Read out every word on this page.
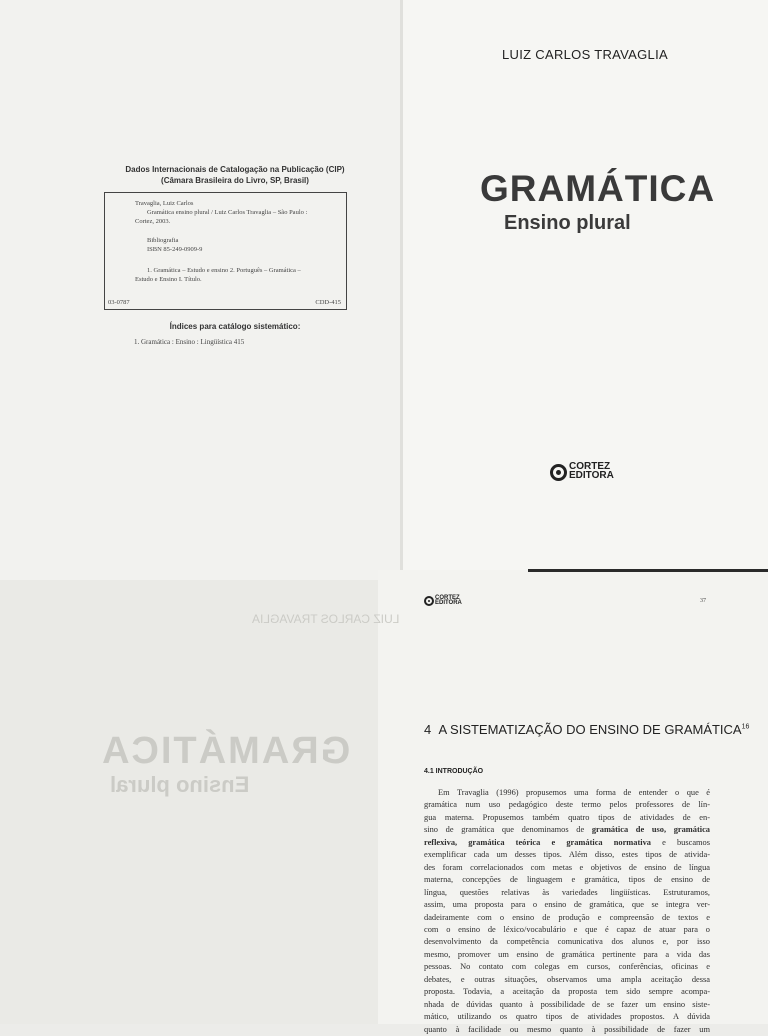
Dados Internacionais de Catalogação na Publicação (CIP)
(Câmara Brasileira do Livro, SP, Brasil)
Travaglia, Luiz Carlos
Gramática ensino plural / Luiz Carlos Travaglia – São Paulo :
Cortez, 2003.
Bibliografia
ISBN 85-249-0909-9
1. Gramática – Estudo e ensino 2. Português – Gramática –
Estudo e Ensino I. Título.
03-0787	CDD-415
Índices para catálogo sistemático:
1. Gramática : Ensino : Lingüística 415
LUIZ CARLOS TRAVAGLIA
GRAMÁTICA
Ensino plural
CORTEZ
EDITORA
LUIZ CARLOS TRAVAGLIA
GRAMÁTICA
Ensino plural
CORTEZ
EDITORA	37
4 A SISTEMATIZAÇÃO DO ENSINO DE GRAMÁTICA$^{16}$
4.1 INTRODUÇÃO
Em Travaglia (1996) propusemos uma forma de entender o que é
gramática num uso pedagógico deste termo pelos professores de lín-
gua materna. Propusemos também quatro tipos de atividades de en-
sino de gramática que denominamos de gramática de uso, gramática
reflexiva, gramática teórica e gramática normativa e buscamos
exemplificar cada um desses tipos. Além disso, estes tipos de ativida-
des foram correlacionados com metas e objetivos de ensino de língua
materna, concepções de linguagem e gramática, tipos de ensino de
língua, questões relativas às variedades lingüísticas. Estruturamos,
assim, uma proposta para o ensino de gramática, que se integra ver-
dadeiramente com o ensino de produção e compreensão de textos e
com o ensino de léxico/vocabulário e que é capaz de atuar para o
desenvolvimento da competência comunicativa dos alunos e, por isso
mesmo, promover um ensino de gramática pertinente para a vida das
pessoas. No contato com colegas em cursos, conferências, oficinas e
debates, e outras situações, observamos uma ampla aceitação dessa
proposta. Todavia, a aceitação da proposta tem sido sempre acompa-
nhada de dúvidas quanto à possibilidade de se fazer um ensino siste-
mático, utilizando os quatro tipos de atividades propostos. A dúvida
quanto à facilidade ou mesmo quanto à possibilidade de fazer um
